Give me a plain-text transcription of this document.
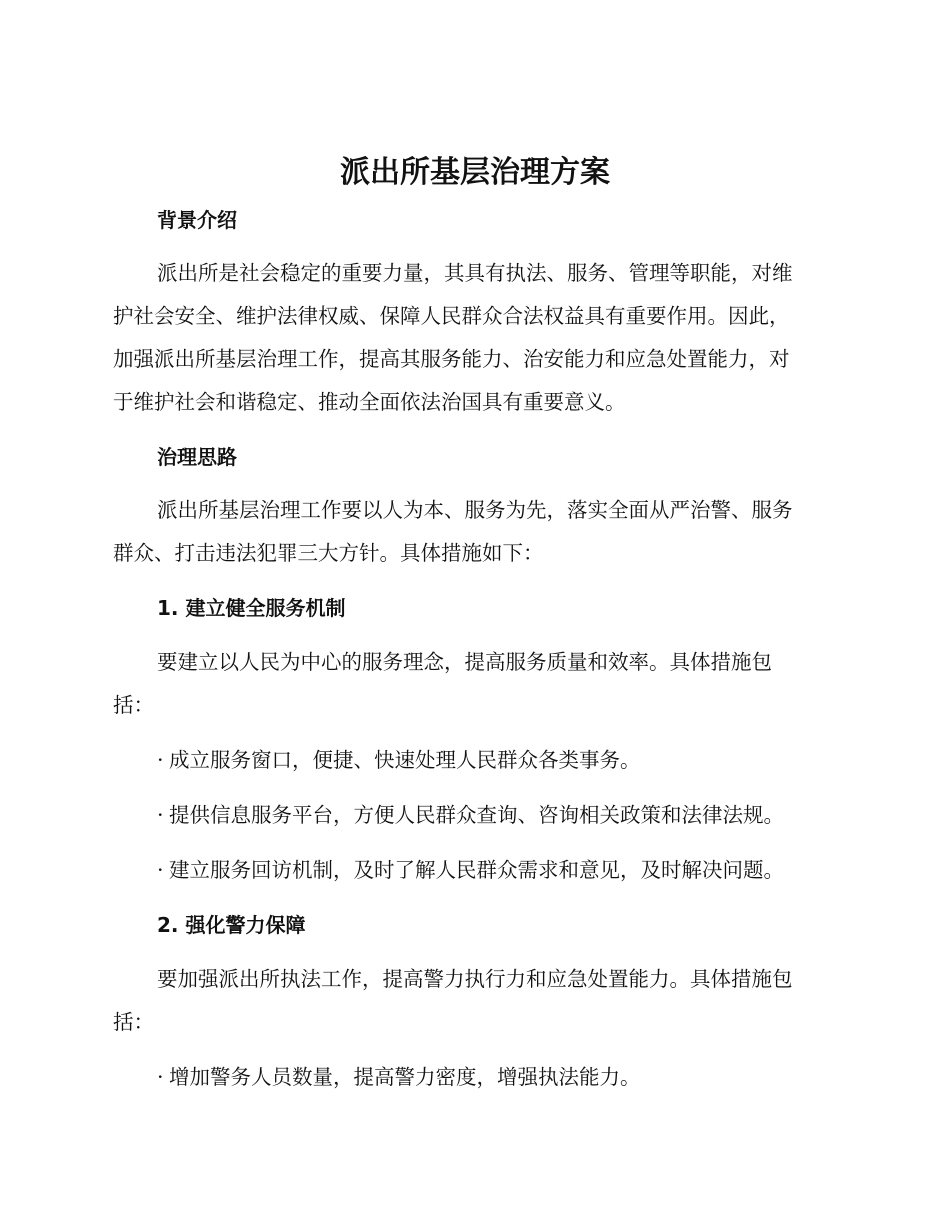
派出所基层治理方案
背景介绍

派出所是社会稳定的重要力量，其具有执法、服务、管理等职能，对维
护社会安全、维护法律权威、保障人民群众合法权益具有重要作用。因此，
加强派出所基层治理工作，提高其服务能力、治安能力和应急处置能力，对
于维护社会和谐稳定、推动全面依法治国具有重要意义。

治理思路

派出所基层治理工作要以人为本、服务为先，落实全面从严治警、服务
群众、打击违法犯罪三大方针。具体措施如下：

1. 建立健全服务机制

要建立以人民为中心的服务理念，提高服务质量和效率。具体措施包
括：

· 成立服务窗口，便捷、快速处理人民群众各类事务。

· 提供信息服务平台，方便人民群众查询、咨询相关政策和法律法规。

· 建立服务回访机制，及时了解人民群众需求和意见，及时解决问题。

2. 强化警力保障

要加强派出所执法工作，提高警力执行力和应急处置能力。具体措施包
括：

· 增加警务人员数量，提高警力密度，增强执法能力。
